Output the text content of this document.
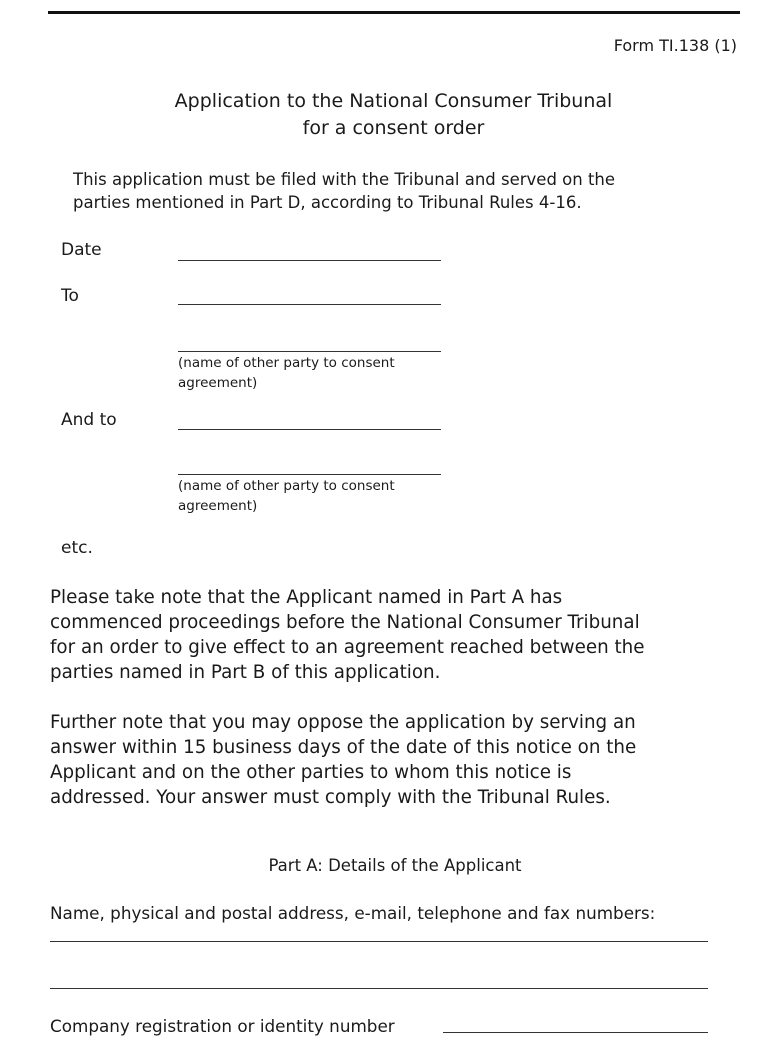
Form TI.138 (1)
Application to the National Consumer Tribunal
for a consent order
This application must be filed with the Tribunal and served on the
parties mentioned in Part D, according to Tribunal Rules 4-16.
Date
To
(name of other party to consent
agreement)
And to
(name of other party to consent
agreement)
etc.
Please take note that the Applicant named in Part A has
commenced proceedings before the National Consumer Tribunal
for an order to give effect to an agreement reached between the
parties named in Part B of this application.
Further note that you may oppose the application by serving an
answer within 15 business days of the date of this notice on the
Applicant and on the other parties to whom this notice is
addressed. Your answer must comply with the Tribunal Rules.
Part A: Details of the Applicant
Name, physical and postal address, e-mail, telephone and fax numbers:
Company registration or identity number
